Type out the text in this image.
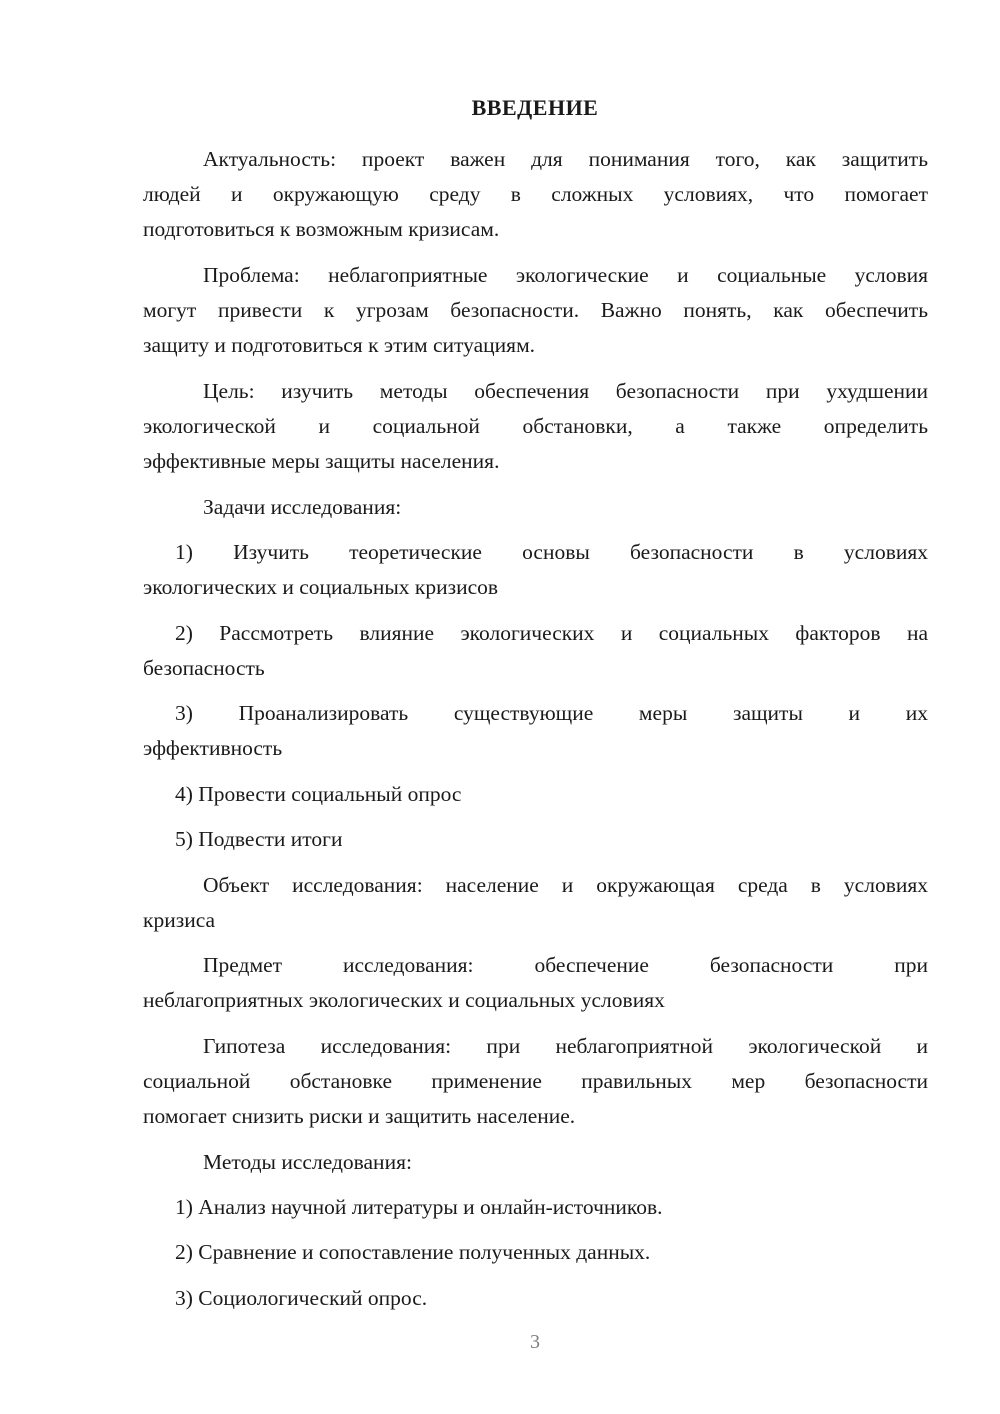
ВВЕДЕНИЕ
Актуальность: проект важен для понимания того, как защитить
людей и окружающую среду в сложных условиях, что помогает
подготовиться к возможным кризисам.
Проблема: неблагоприятные экологические и социальные условия
могут привести к угрозам безопасности. Важно понять, как обеспечить
защиту и подготовиться к этим ситуациям.
Цель: изучить методы обеспечения безопасности при ухудшении
экологической и социальной обстановки, а также определить
эффективные меры защиты населения.
Задачи исследования:
1) Изучить теоретические основы безопасности в условиях
экологических и социальных кризисов
2) Рассмотреть влияние экологических и социальных факторов на
безопасность
3) Проанализировать существующие меры защиты и их
эффективность
4) Провести социальный опрос
5) Подвести итоги
Объект исследования: население и окружающая среда в условиях
кризиса
Предмет исследования: обеспечение безопасности при
неблагоприятных экологических и социальных условиях
Гипотеза исследования: при неблагоприятной экологической и
социальной обстановке применение правильных мер безопасности
помогает снизить риски и защитить население.
Методы исследования:
1) Анализ научной литературы и онлайн-источников.
2) Сравнение и сопоставление полученных данных.
3) Социологический опрос.
3
